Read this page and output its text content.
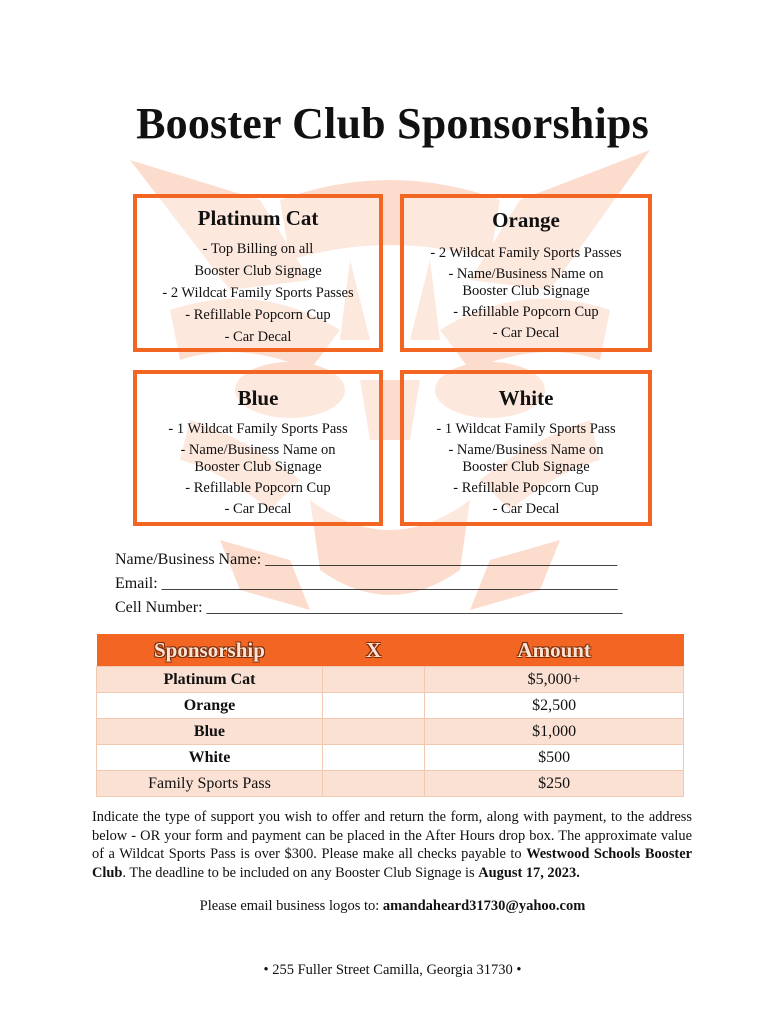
Booster Club Sponsorships
Platinum Cat
- Top Billing on all
Booster Club Signage
- 2 Wildcat Family Sports Passes
- Refillable Popcorn Cup
- Car Decal
Orange
- 2 Wildcat Family Sports Passes
- Name/Business Name on Booster Club Signage
- Refillable Popcorn Cup
- Car Decal
Blue
- 1 Wildcat Family Sports Pass
- Name/Business Name on Booster Club Signage
- Refillable Popcorn Cup
- Car Decal
White
- 1 Wildcat Family Sports Pass
- Name/Business Name on Booster Club Signage
- Refillable Popcorn Cup
- Car Decal
Name/Business Name: ____________________________________________
Email: _________________________________________________________
Cell Number: ____________________________________________________
Sponsorship	X	Amount
Platinum Cat		$5,000+
Orange		$2,500
Blue		$1,000
White		$500
Family Sports Pass		$250
Indicate the type of support you wish to offer and return the form, along with payment, to the address below - OR your form and payment can be placed in the After Hours drop box. The approximate value of a Wildcat Sports Pass is over $300. Please make all checks payable to Westwood Schools Booster Club. The deadline to be included on any Booster Club Signage is August 17, 2023.
Please email business logos to: amandaheard31730@yahoo.com
• 255 Fuller Street Camilla, Georgia 31730 •
